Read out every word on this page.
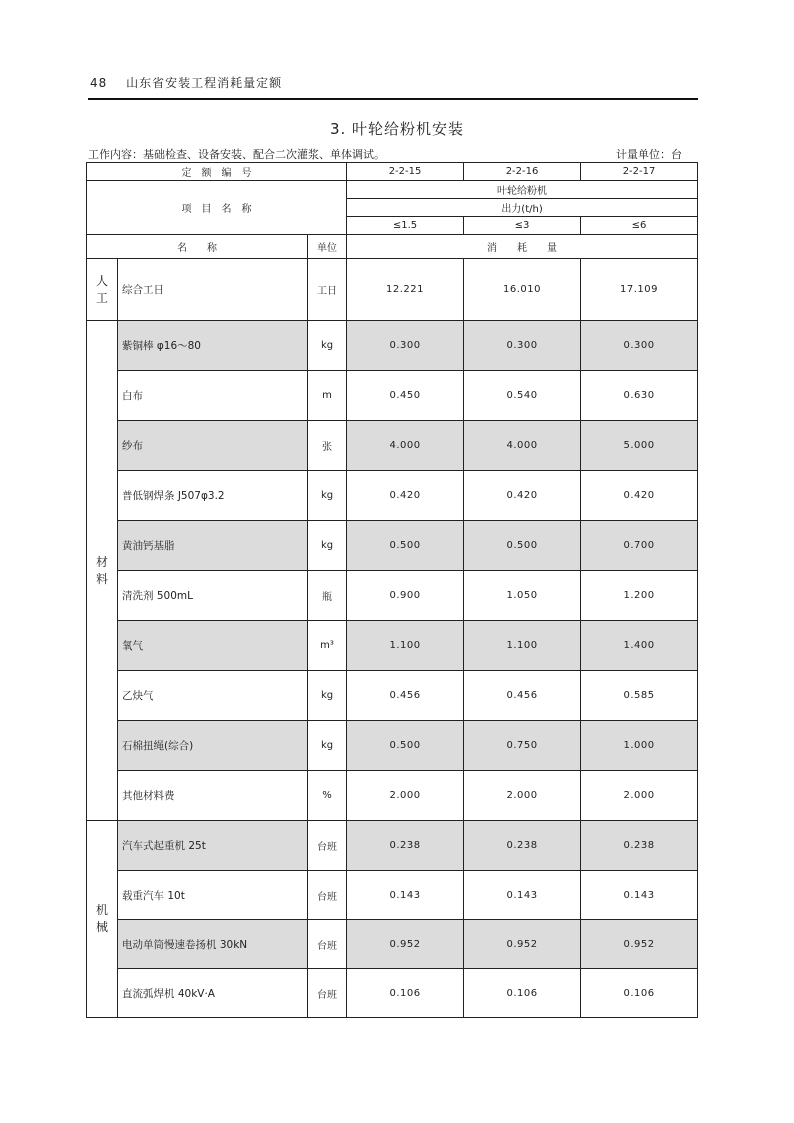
48 山东省安装工程消耗量定额
3. 叶轮给粉机安装
工作内容：基础检查、设备安装、配合二次灌浆、单体调试。	计量单位：台
定　额　编　号			2-2-15	2-2-16	2-2-17
项　目　名　称			叶轮给粉机		
			出力(t/h)		
			≤1.5	≤3	≤6
名　　称		单位	消　　耗　　量		

人
工	综合工日	工日	12.221	16.010	17.109

材
料	紫铜棒 φ16～80	kg	0.300	0.300	0.300
	白布	m	0.450	0.540	0.630
	纱布	张	4.000	4.000	5.000
	普低钢焊条 J507φ3.2	kg	0.420	0.420	0.420
	黄油钙基脂	kg	0.500	0.500	0.700
	清洗剂 500mL	瓶	0.900	1.050	1.200
	氧气	m³	1.100	1.100	1.400
	乙炔气	kg	0.456	0.456	0.585
	石棉扭绳(综合)	kg	0.500	0.750	1.000
	其他材料费	%	2.000	2.000	2.000

机
械	汽车式起重机 25t	台班	0.238	0.238	0.238
	载重汽车 10t	台班	0.143	0.143	0.143
	电动单筒慢速卷扬机 30kN	台班	0.952	0.952	0.952
	直流弧焊机 40kV·A	台班	0.106	0.106	0.106
